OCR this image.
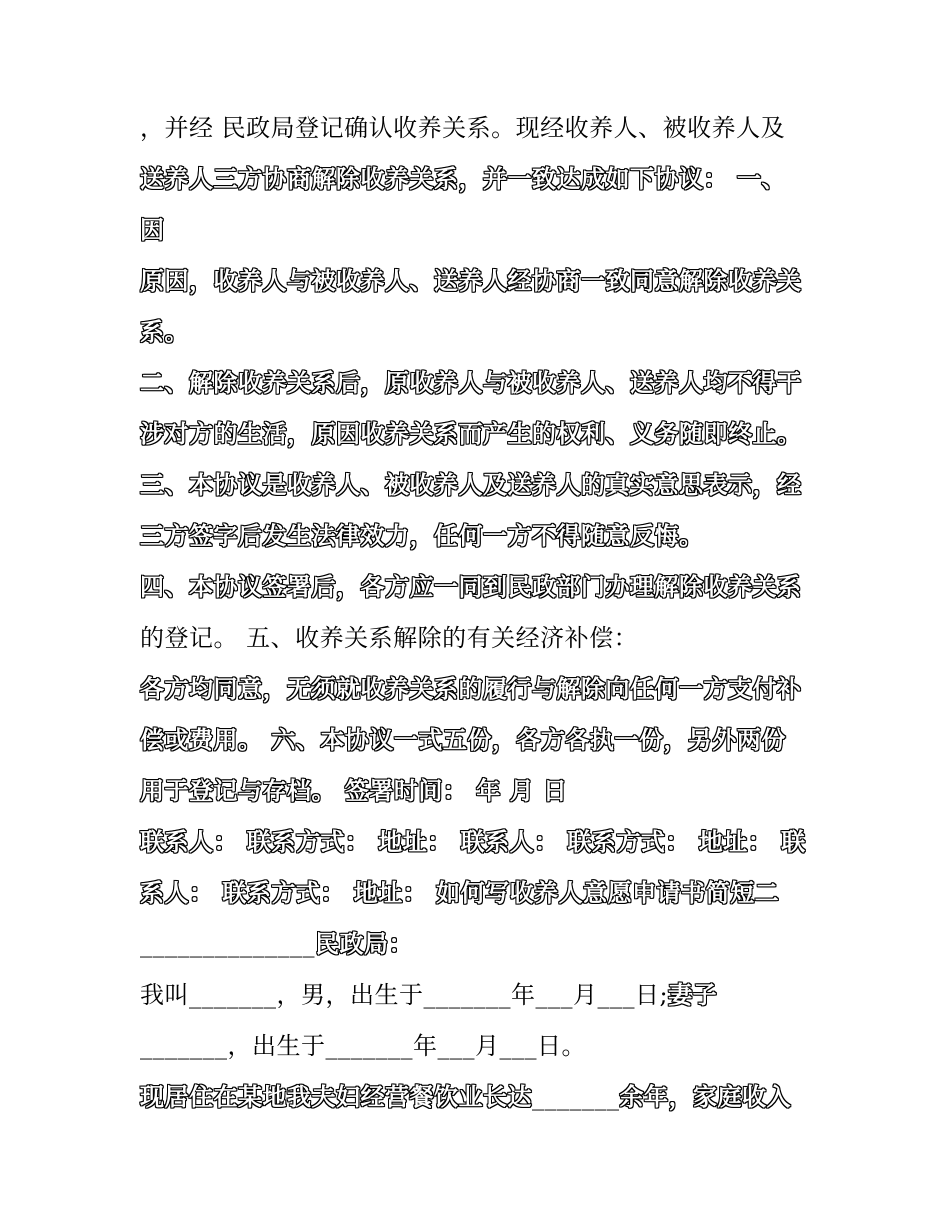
，并经 民政局登记确认收养关系。现经收养人、被收养人及
送养人三方协商解除收养关系，并一致达成如下协议： 一、
因
原因，收养人与被收养人、送养人经协商一致同意解除收养关
系。
二、解除收养关系后，原收养人与被收养人、送养人均不得干
涉对方的生活，原因收养关系而产生的权利、义务随即终止。
三、本协议是收养人、被收养人及送养人的真实意思表示，经
三方签字后发生法律效力，任何一方不得随意反悔。
四、本协议签署后，各方应一同到民政部门办理解除收养关系
的登记。 五、收养关系解除的有关经济补偿：
各方均同意，无须就收养关系的履行与解除向任何一方支付补
偿或费用。 六、本协议一式五份，各方各执一份，另外两份
用于登记与存档。 签署时间： 年 月 日
联系人： 联系方式： 地址： 联系人： 联系方式： 地址： 联
系人： 联系方式： 地址： 如何写收养人意愿申请书简短二
______________民政局：
我叫_______，男，出生于_______年___月___日;妻子
_______，出生于_______年___月___日。
现居住在某地我夫妇经营餐饮业长达_______余年，家庭收入
